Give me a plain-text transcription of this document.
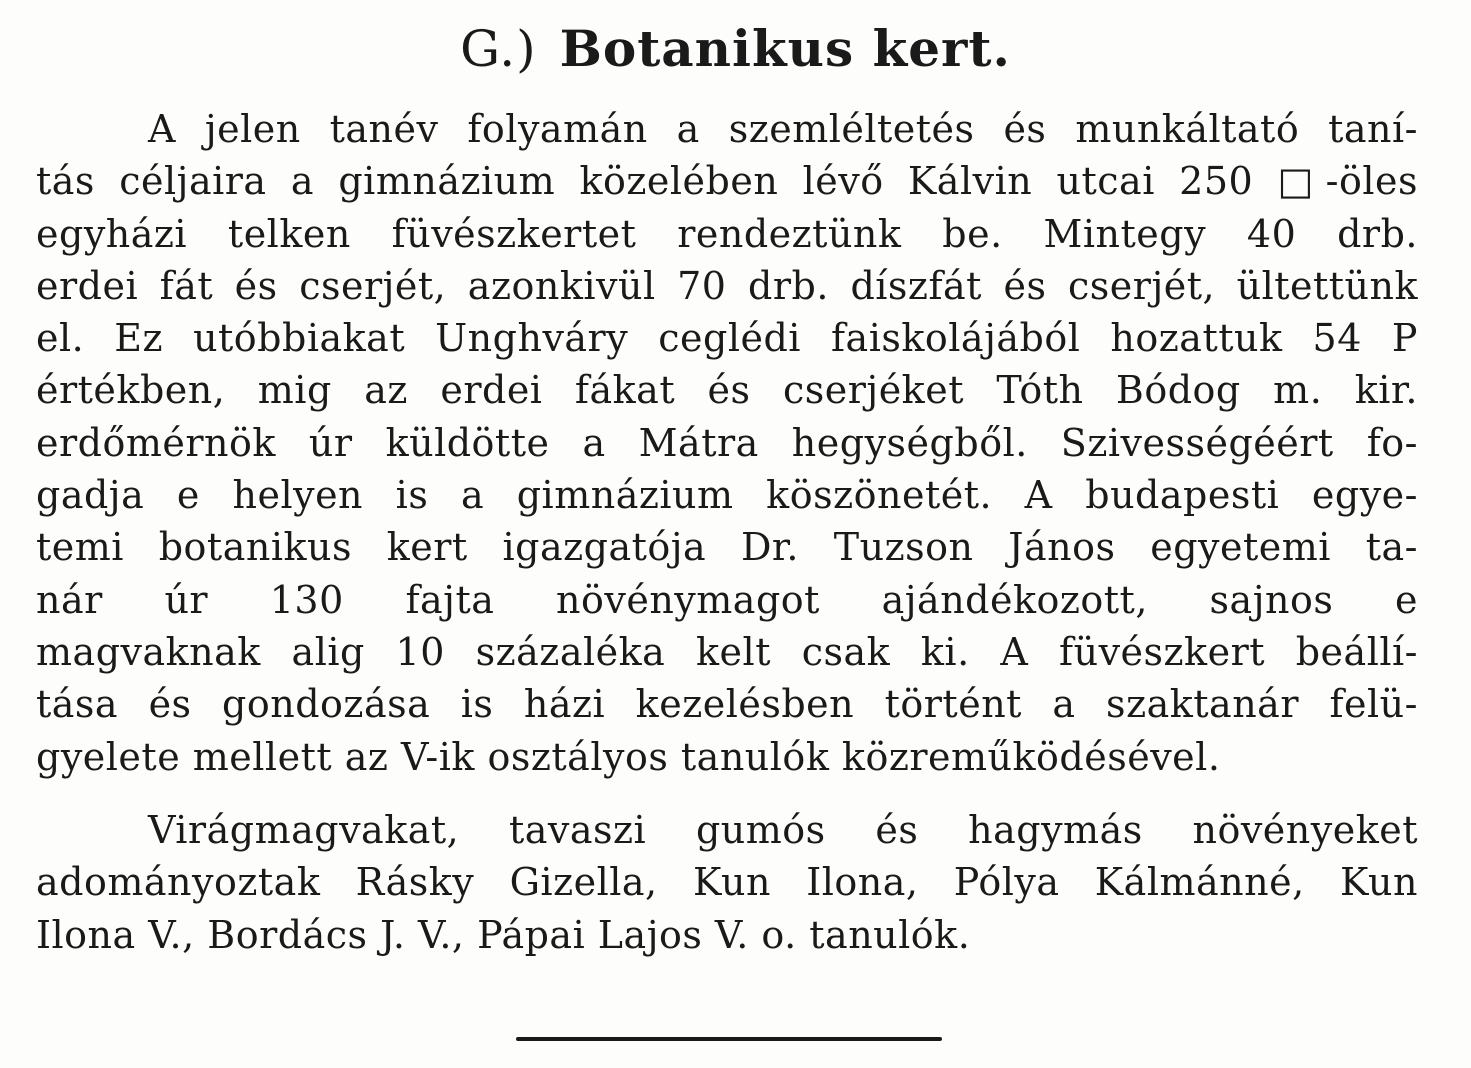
G.) Botanikus kert.
A jelen tanév folyamán a szemléltetés és munkáltató taní-
tás céljaira a gimnázium közelében lévő Kálvin utcai 250 □-öles
egyházi telken füvészkertet rendeztünk be. Mintegy 40 drb.
erdei fát és cserjét, azonkivül 70 drb. díszfát és cserjét, ültettünk
el. Ez utóbbiakat Unghváry ceglédi faiskolájából hozattuk 54 P
értékben, mig az erdei fákat és cserjéket Tóth Bódog m. kir.
erdőmérnök úr küldötte a Mátra hegységből. Szivességéért fo-
gadja e helyen is a gimnázium köszönetét. A budapesti egye-
temi botanikus kert igazgatója Dr. Tuzson János egyetemi ta-
nár úr 130 fajta növénymagot ajándékozott, sajnos e
magvaknak alig 10 százaléka kelt csak ki. A füvészkert beállí-
tása és gondozása is házi kezelésben történt a szaktanár felü-
gyelete mellett az V-ik osztályos tanulók közreműködésével.
Virágmagvakat, tavaszi gumós és hagymás növényeket
adományoztak Rásky Gizella, Kun Ilona, Pólya Kálmánné, Kun
Ilona V., Bordács J. V., Pápai Lajos V. o. tanulók.
